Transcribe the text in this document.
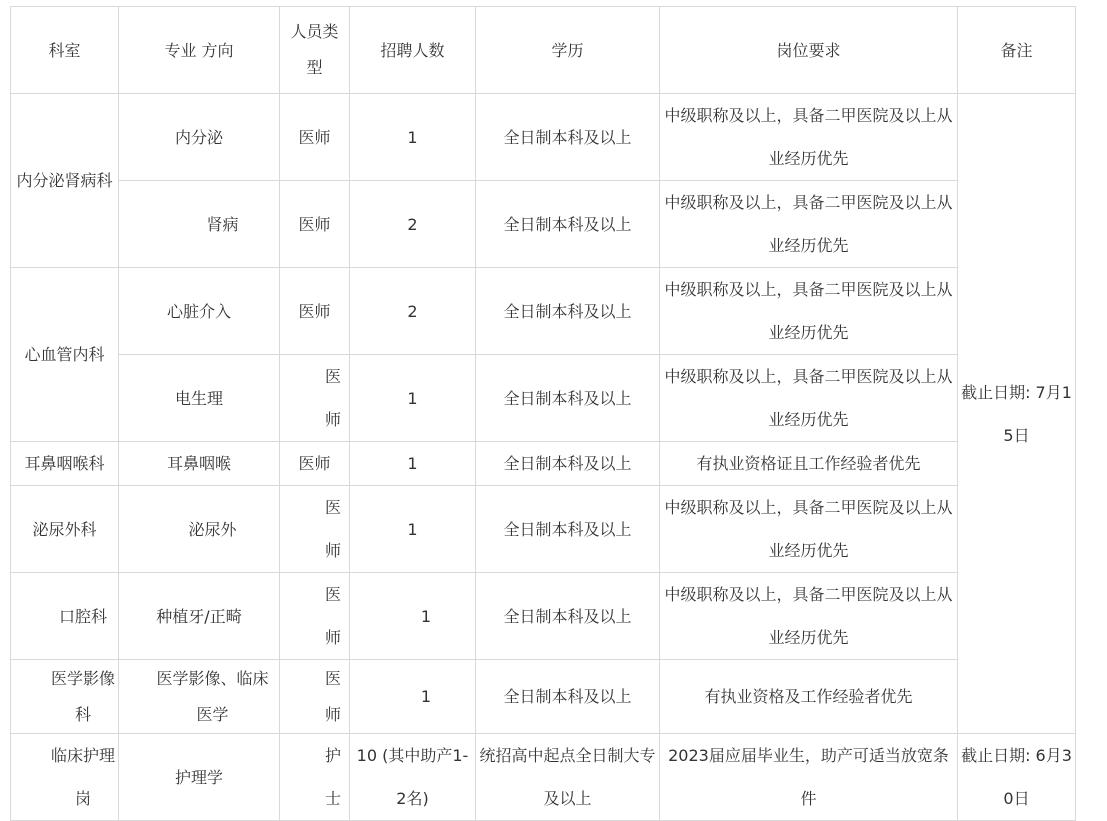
科室	专业 方向	人员类型	招聘人数	学历	岗位要求	备注
内分泌肾病科	内分泌	医师	1	全日制本科及以上	中级职称及以上，具备二甲医院及以上从业经历优先	截止日期: 7月15日
	肾病	医师	2	全日制本科及以上	中级职称及以上，具备二甲医院及以上从业经历优先	
心血管内科	心脏介入	医师	2	全日制本科及以上	中级职称及以上，具备二甲医院及以上从业经历优先	
	电生理	医师	1	全日制本科及以上	中级职称及以上，具备二甲医院及以上从业经历优先	
耳鼻咽喉科	耳鼻咽喉	医师	1	全日制本科及以上	有执业资格证且工作经验者优先	
泌尿外科	泌尿外	医师	1	全日制本科及以上	中级职称及以上，具备二甲医院及以上从业经历优先	
口腔科	种植牙/正畸	医师	1	全日制本科及以上	中级职称及以上，具备二甲医院及以上从业经历优先	
医学影像科	医学影像、临床医学	医师	1	全日制本科及以上	有执业资格及工作经验者优先	
临床护理岗	护理学	护士	10 (其中助产1-2名)	统招高中起点全日制大专及以上	2023届应届毕业生，助产可适当放宽条件	截止日期: 6月30日
